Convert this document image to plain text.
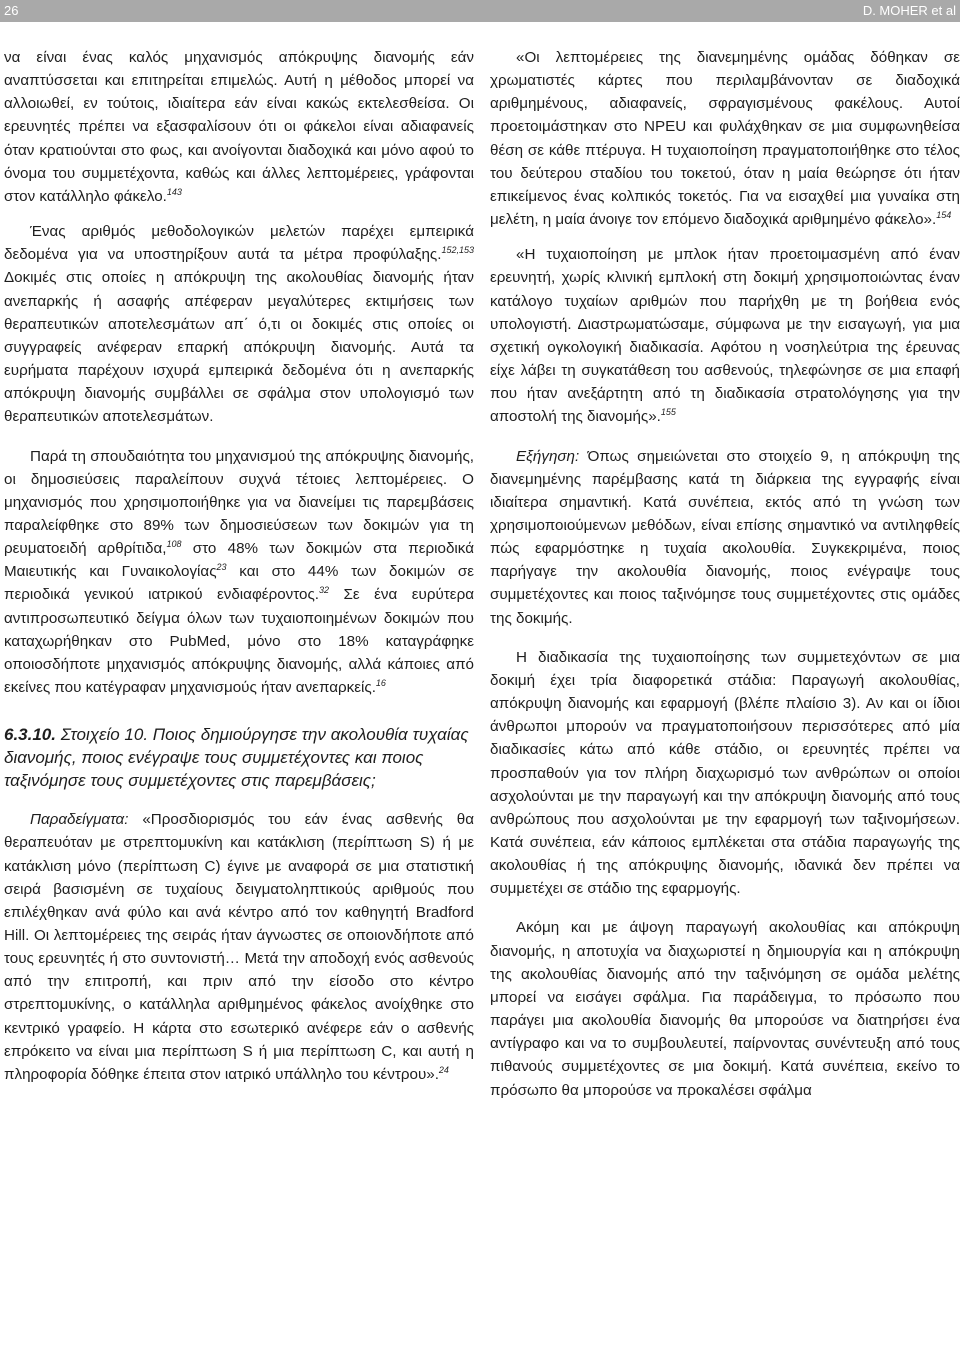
26	D. MOHER et al

να είναι ένας καλός μηχανισμός απόκρυψης διανομής εάν αναπτύσσεται και επιτηρείται επιμελώς. Αυτή η μέθοδος μπορεί να αλλοιωθεί, εν τούτοις, ιδιαίτερα εάν είναι κακώς εκτελεσθείσα. Οι ερευνητές πρέπει να εξασφαλίσουν ότι οι φάκελοι είναι αδιαφανείς όταν κρατιούνται στο φως, και ανοίγονται διαδοχικά και μόνο αφού το όνομα του συμμετέχοντα, καθώς και άλλες λεπτομέρειες, γράφονται στον κατάλληλο φάκελο.$^{143}$

Ένας αριθμός μεθοδολογικών μελετών παρέχει εμπειρικά δεδομένα για να υποστηρίξουν αυτά τα μέτρα προφύλαξης.$^{152,153}$ Δοκιμές στις οποίες η απόκρυψη της ακολουθίας διανομής ήταν ανεπαρκής ή ασαφής απέφεραν μεγαλύτερες εκτιμήσεις των θεραπευτικών αποτελεσμάτων απ΄ ό,τι οι δοκιμές στις οποίες οι συγγραφείς ανέφεραν επαρκή απόκρυψη διανομής. Αυτά τα ευρήματα παρέχουν ισχυρά εμπειρικά δεδομένα ότι η ανεπαρκής απόκρυψη διανομής συμβάλλει σε σφάλμα στον υπολογισμό των θεραπευτικών αποτελεσμάτων.

Παρά τη σπουδαιότητα του μηχανισμού της απόκρυψης διανομής, οι δημοσιεύσεις παραλείπουν συχνά τέτοιες λεπτομέρειες. Ο μηχανισμός που χρησιμοποιήθηκε για να διανείμει τις παρεμβάσεις παραλείφθηκε στο 89% των δημοσιεύσεων των δοκιμών για τη ρευματοειδή αρθρίτιδα,$^{108}$ στο 48% των δοκιμών στα περιοδικά Μαιευτικής και Γυναικολογίας$^{23}$ και στο 44% των δοκιμών σε περιοδικά γενικού ιατρικού ενδιαφέροντος.$^{32}$ Σε ένα ευρύτερα αντιπροσωπευτικό δείγμα όλων των τυχαιοποιημένων δοκιμών που καταχωρήθηκαν στο PubMed, μόνο στο 18% καταγράφηκε οποιοσδήποτε μηχανισμός απόκρυψης διανομής, αλλά κάποιες από εκείνες που κατέγραφαν μηχανισμούς ήταν ανεπαρκείς.$^{16}$

6.3.10. Στοιχείο 10. Ποιος δημιούργησε την ακολουθία τυχαίας διανομής, ποιος ενέγραψε τους συμμετέχοντες και ποιος ταξινόμησε τους συμμετέχοντες στις παρεμβάσεις;

Παραδείγματα: «Προσδιορισμός του εάν ένας ασθενής θα θεραπευόταν με στρεπτομυκίνη και κατάκλιση (περίπτωση S) ή με κατάκλιση μόνο (περίπτωση C) έγινε με αναφορά σε μια στατιστική σειρά βασισμένη σε τυχαίους δειγματοληπτικούς αριθμούς που επιλέχθηκαν ανά φύλο και ανά κέντρο από τον καθηγητή Bradford Hill. Οι λεπτομέρειες της σειράς ήταν άγνωστες σε οποιονδήποτε από τους ερευνητές ή στο συντονιστή… Μετά την αποδοχή ενός ασθενούς από την επιτροπή, και πριν από την είσοδο στο κέντρο στρεπτομυκίνης, ο κατάλληλα αριθμημένος φάκελος ανοίχθηκε στο κεντρικό γραφείο. Η κάρτα στο εσωτερικό ανέφερε εάν ο ασθενής επρόκειτο να είναι μια περίπτωση S ή μια περίπτωση C, και αυτή η πληροφορία δόθηκε έπειτα στον ιατρικό υπάλληλο του κέντρου».$^{24}$

«Οι λεπτομέρειες της διανεμημένης ομάδας δόθηκαν σε χρωματιστές κάρτες που περιλαμβάνονταν σε διαδοχικά αριθμημένους, αδιαφανείς, σφραγισμένους φακέλους. Αυτοί προετοιμάστηκαν στο NPEU και φυλάχθηκαν σε μια συμφωνηθείσα θέση σε κάθε πτέρυγα. Η τυχαιοποίηση πραγματοποιήθηκε στο τέλος του δεύτερου σταδίου του τοκετού, όταν η μαία θεώρησε ότι ήταν επικείμενος ένας κολπικός τοκετός. Για να εισαχθεί μια γυναίκα στη μελέτη, η μαία άνοιγε τον επόμενο διαδοχικά αριθμημένο φάκελο».$^{154}$

«Η τυχαιοποίηση με μπλοκ ήταν προετοιμασμένη από έναν ερευνητή, χωρίς κλινική εμπλοκή στη δοκιμή χρησιμοποιώντας έναν κατάλογο τυχαίων αριθμών που παρήχθη με τη βοήθεια ενός υπολογιστή. Διαστρωματώσαμε, σύμφωνα με την εισαγωγή, για μια σχετική ογκολογική διαδικασία. Αφότου η νοσηλεύτρια της έρευνας είχε λάβει τη συγκατάθεση του ασθενούς, τηλεφώνησε σε μια επαφή που ήταν ανεξάρτητη από τη διαδικασία στρατολόγησης για την αποστολή της διανομής».$^{155}$

Εξήγηση: Όπως σημειώνεται στο στοιχείο 9, η απόκρυψη της διανεμημένης παρέμβασης κατά τη διάρκεια της εγγραφής είναι ιδιαίτερα σημαντική. Κατά συνέπεια, εκτός από τη γνώση των χρησιμοποιούμενων μεθόδων, είναι επίσης σημαντικό να αντιληφθείς πώς εφαρμόστηκε η τυχαία ακολουθία. Συγκεκριμένα, ποιος παρήγαγε την ακολουθία διανομής, ποιος ενέγραψε τους συμμετέχοντες και ποιος ταξινόμησε τους συμμετέχοντες στις ομάδες της δοκιμής.

Η διαδικασία της τυχαιοποίησης των συμμετεχόντων σε μια δοκιμή έχει τρία διαφορετικά στάδια: Παραγωγή ακολουθίας, απόκρυψη διανομής και εφαρμογή (βλέπε πλαίσιο 3). Αν και οι ίδιοι άνθρωποι μπορούν να πραγματοποιήσουν περισσότερες από μία διαδικασίες κάτω από κάθε στάδιο, οι ερευνητές πρέπει να προσπαθούν για τον πλήρη διαχωρισμό των ανθρώπων οι οποίοι ασχολούνται με την παραγωγή και την απόκρυψη διανομής από τους ανθρώπους που ασχολούνται με την εφαρμογή των ταξινομήσεων. Κατά συνέπεια, εάν κάποιος εμπλέκεται στα στάδια παραγωγής της ακολουθίας ή της απόκρυψης διανομής, ιδανικά δεν πρέπει να συμμετέχει σε στάδιο της εφαρμογής.

Ακόμη και με άψογη παραγωγή ακολουθίας και απόκρυψη διανομής, η αποτυχία να διαχωριστεί η δημιουργία και η απόκρυψη της ακολουθίας διανομής από την ταξινόμηση σε ομάδα μελέτης μπορεί να εισάγει σφάλμα. Για παράδειγμα, το πρόσωπο που παράγει μια ακολουθία διανομής θα μπορούσε να διατηρήσει ένα αντίγραφο και να το συμβουλευτεί, παίρνοντας συνέντευξη από τους πιθανούς συμμετέχοντες σε μια δοκιμή. Κατά συνέπεια, εκείνο το πρόσωπο θα μπορούσε να προκαλέσει σφάλμα
